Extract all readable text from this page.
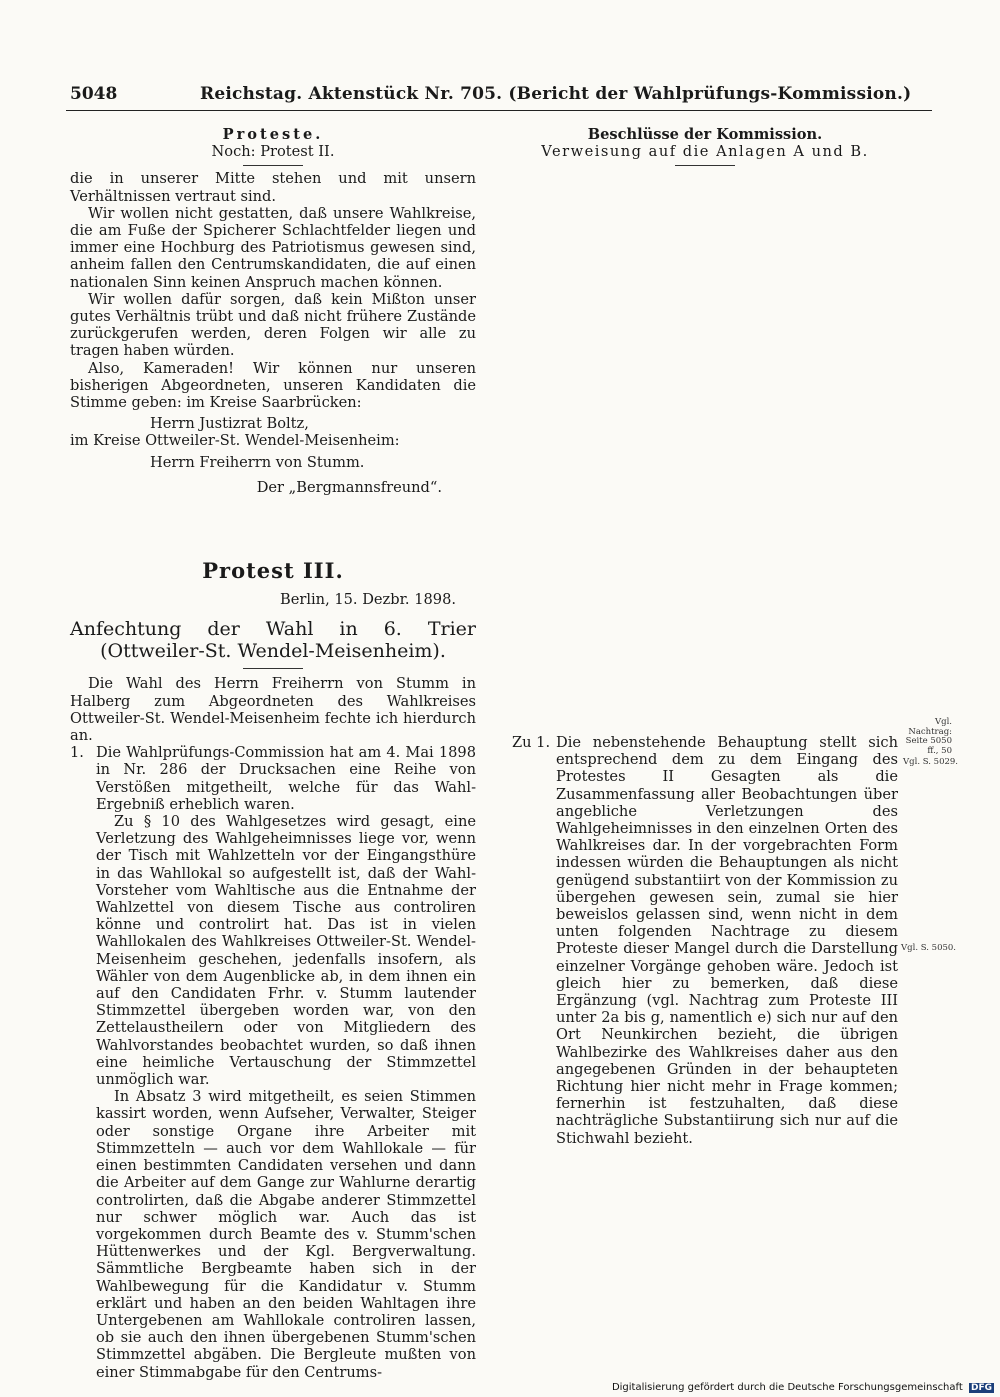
5048	Reichstag. Aktenstück Nr. 705. (Bericht der Wahlprüfungs-Kommission.)
Proteste.
Noch: Protest II.

die in unserer Mitte stehen und mit unsern Verhältnissen vertraut sind.

Wir wollen nicht gestatten, daß unsere Wahlkreise, die am Fuße der Spicherer Schlachtfelder liegen und immer eine Hochburg des Patriotismus gewesen sind, anheim fallen den Centrumskandidaten, die auf einen nationalen Sinn keinen Anspruch machen können.

Wir wollen dafür sorgen, daß kein Mißton unser gutes Verhältnis trübt und daß nicht frühere Zustände zurückgerufen werden, deren Folgen wir alle zu tragen haben würden.

Also, Kameraden! Wir können nur unseren bisherigen Abgeordneten, unseren Kandidaten die Stimme geben: im Kreise Saarbrücken:

Herrn Justizrat Boltz,
im Kreise Ottweiler-St. Wendel-Meisenheim:
Herrn Freiherrn von Stumm.
Der „Bergmannsfreund“.
Protest III.
Berlin, 15. Dezbr. 1898.
Anfechtung der Wahl in 6. Trier (Ottweiler-St. Wendel-Meisenheim).

Die Wahl des Herrn Freiherrn von Stumm in Halberg zum Abgeordneten des Wahlkreises Ottweiler-St. Wendel-Meisenheim fechte ich hierdurch an.

1. Die Wahlprüfungs-Commission hat am 4. Mai 1898 in Nr. 286 der Drucksachen eine Reihe von Verstößen mitgetheilt, welche für das Wahl-Ergebniß erheblich waren.

Zu § 10 des Wahlgesetzes wird gesagt, eine Verletzung des Wahlgeheimnisses liege vor, wenn der Tisch mit Wahlzetteln vor der Eingangsthüre in das Wahllokal so aufgestellt ist, daß der Wahl-Vorsteher vom Wahltische aus die Entnahme der Wahlzettel von diesem Tische aus controliren könne und controlirt hat. Das ist in vielen Wahllokalen des Wahlkreises Ottweiler-St. Wendel-Meisenheim geschehen, jedenfalls insofern, als Wähler von dem Augenblicke ab, in dem ihnen ein auf den Candidaten Frhr. v. Stumm lautender Stimmzettel übergeben worden war, von den Zettelaustheilern oder von Mitgliedern des Wahlvorstandes beobachtet wurden, so daß ihnen eine heimliche Vertauschung der Stimmzettel unmöglich war.

In Absatz 3 wird mitgetheilt, es seien Stimmen kassirt worden, wenn Aufseher, Verwalter, Steiger oder sonstige Organe ihre Arbeiter mit Stimmzetteln — auch vor dem Wahllokale — für einen bestimmten Candidaten versehen und dann die Arbeiter auf dem Gange zur Wahlurne derartig controlirten, daß die Abgabe anderer Stimmzettel nur schwer möglich war. Auch das ist vorgekommen durch Beamte des v. Stumm'schen Hüttenwerkes und der Kgl. Bergverwaltung. Sämmtliche Bergbeamte haben sich in der Wahlbewegung für die Kandidatur v. Stumm erklärt und haben an den beiden Wahltagen ihre Untergebenen am Wahllokale controliren lassen, ob sie auch den ihnen übergebenen Stumm'schen Stimmzettel abgäben. Die Bergleute mußten von einer Stimmabgabe für den Centrums-

Beschlüsse der Kommission.
Verweisung auf die Anlagen A und B.
Zu 1. Die nebenstehende Behauptung stellt sich entsprechend dem zu dem Eingang des Protestes II Gesagten als die Zusammenfassung aller Beobachtungen über angebliche Verletzungen des Wahlgeheimnisses in den einzelnen Orten des Wahlkreises dar. In der vorgebrachten Form indessen würden die Behauptungen als nicht genügend substantiirt von der Kommission zu übergehen gewesen sein, zumal sie hier beweislos gelassen sind, wenn nicht in dem unten folgenden Nachtrage zu diesem Proteste dieser Mangel durch die Darstellung einzelner Vorgänge gehoben wäre. Jedoch ist gleich hier zu bemerken, daß diese Ergänzung (vgl. Nachtrag zum Proteste III unter 2a bis g, namentlich e) sich nur auf den Ort Neunkirchen bezieht, die übrigen Wahlbezirke des Wahlkreises daher aus den angegebenen Gründen in der behaupteten Richtung hier nicht mehr in Frage kommen; fernerhin ist festzuhalten, daß diese nachträgliche Substantiirung sich nur auf die Stichwahl bezieht.

Vgl. Nachtrag: Seite 5050 ff., 50
Vgl. S. 5029.
Vgl. S. 5050.
Digitalisierung gefördert durch die Deutsche Forschungsgemeinschaft DFG
